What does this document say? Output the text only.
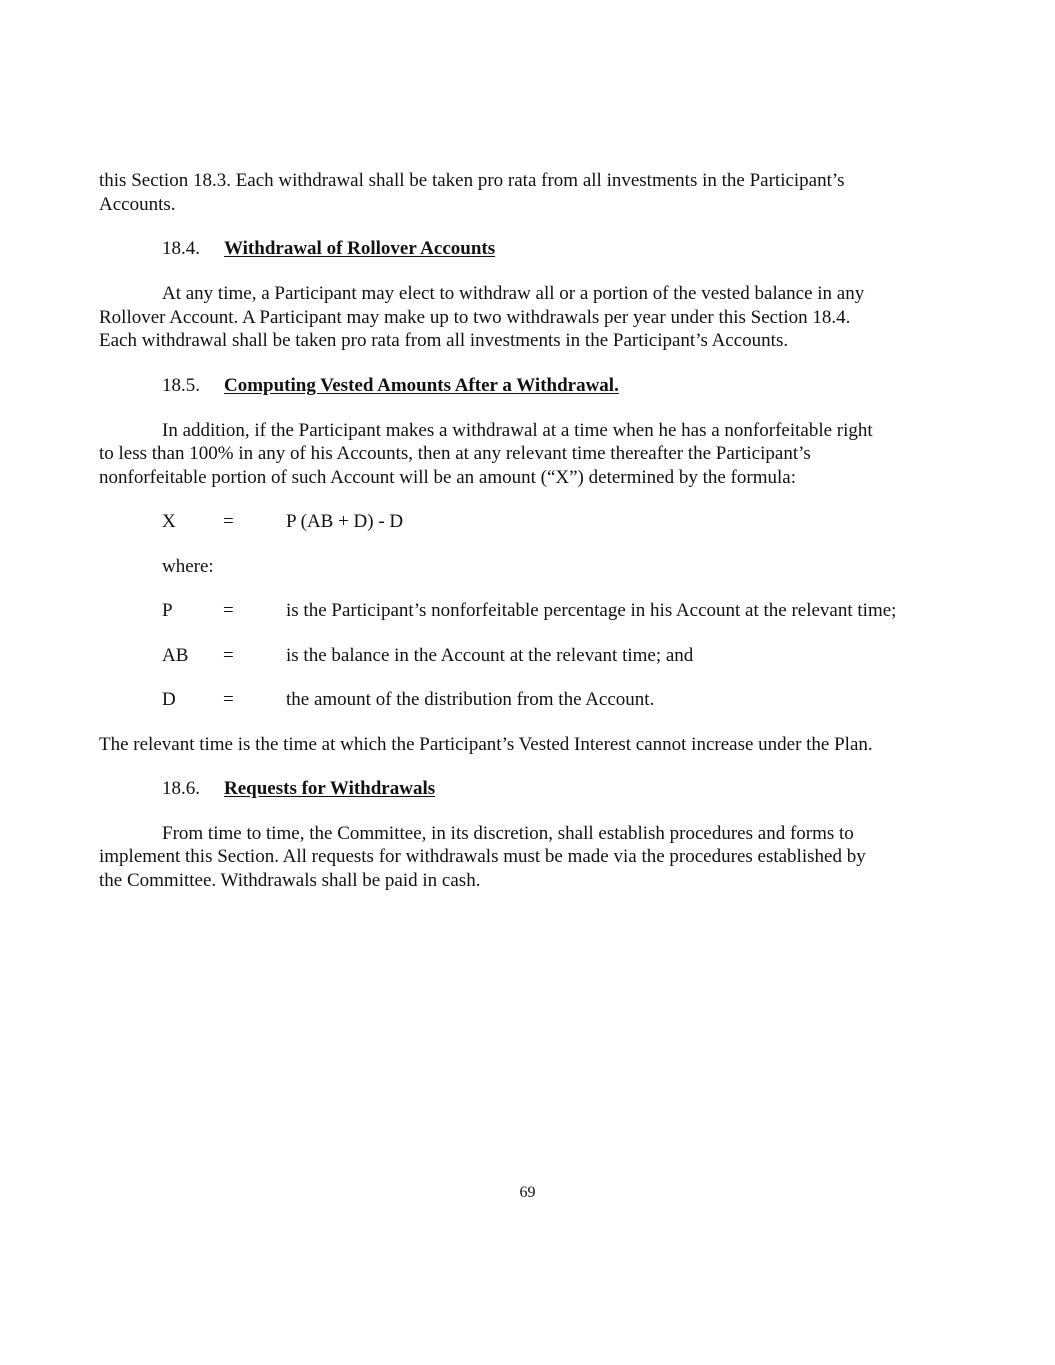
this Section 18.3. Each withdrawal shall be taken pro rata from all investments in the Participant’s
Accounts.
18.4. Withdrawal of Rollover Accounts
At any time, a Participant may elect to withdraw all or a portion of the vested balance in any
Rollover Account. A Participant may make up to two withdrawals per year under this Section 18.4.
Each withdrawal shall be taken pro rata from all investments in the Participant’s Accounts.
18.5. Computing Vested Amounts After a Withdrawal.
In addition, if the Participant makes a withdrawal at a time when he has a nonforfeitable right
to less than 100% in any of his Accounts, then at any relevant time thereafter the Participant’s
nonforfeitable portion of such Account will be an amount (“X”) determined by the formula:
X =	P (AB + D) - D
where:
P	=	is the Participant’s nonforfeitable percentage in his Account at the relevant time;
AB =	is the balance in the Account at the relevant time; and
D =	the amount of the distribution from the Account.
The relevant time is the time at which the Participant’s Vested Interest cannot increase under the Plan.
18.6. Requests for Withdrawals
From time to time, the Committee, in its discretion, shall establish procedures and forms to
implement this Section. All requests for withdrawals must be made via the procedures established by
the Committee. Withdrawals shall be paid in cash.
69
